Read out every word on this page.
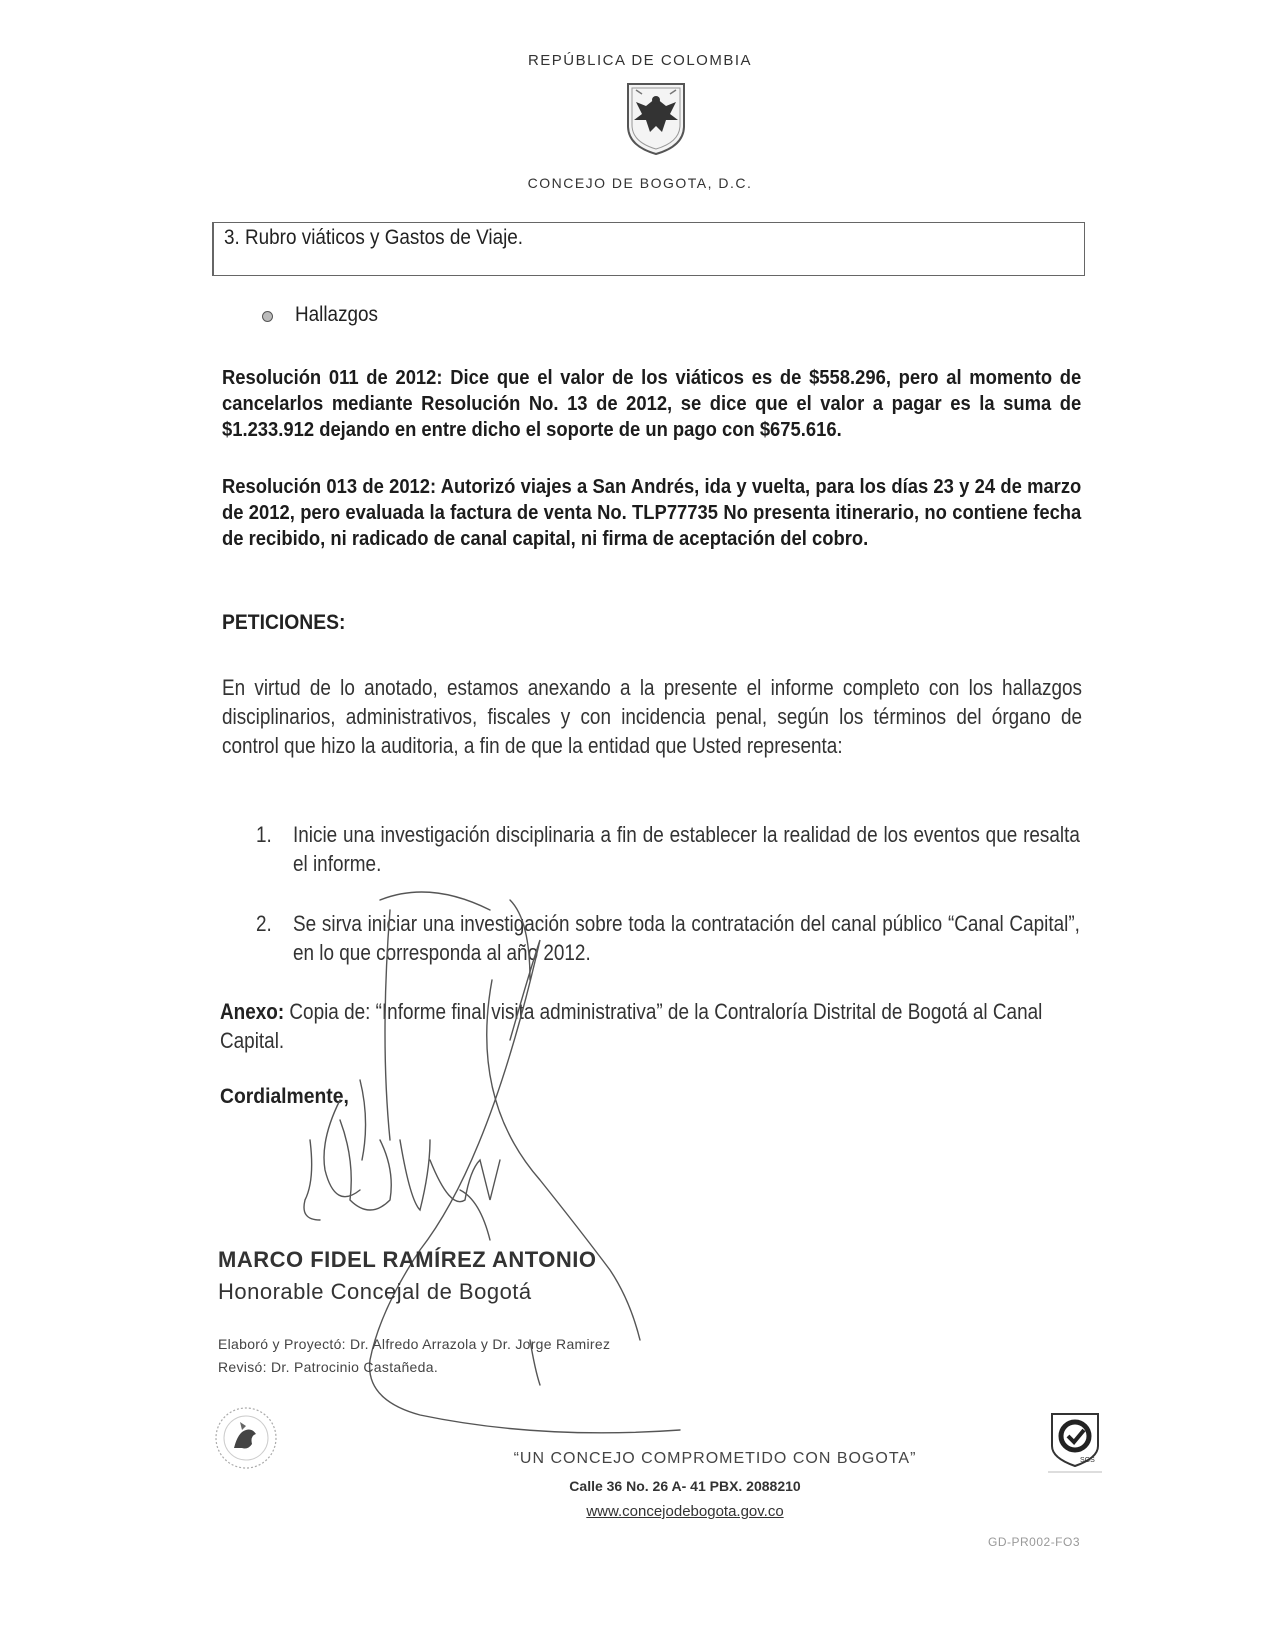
REPÚBLICA DE COLOMBIA
CONCEJO DE BOGOTA, D.C.
3. Rubro viáticos y Gastos de Viaje.
Hallazgos
Resolución 011 de 2012: Dice que el valor de los viáticos es de $558.296, pero al momento de cancelarlos mediante Resolución No. 13 de 2012, se dice que el valor a pagar es la suma de $1.233.912 dejando en entre dicho el soporte de un pago con $675.616.
Resolución 013 de 2012: Autorizó viajes a San Andrés, ida y vuelta, para los días 23 y 24 de marzo de 2012, pero evaluada la factura de venta No. TLP77735 No presenta itinerario, no contiene fecha de recibido, ni radicado de canal capital, ni firma de aceptación del cobro.
PETICIONES:
En virtud de lo anotado, estamos anexando a la presente el informe completo con los hallazgos disciplinarios, administrativos, fiscales y con incidencia penal, según los términos del órgano de control que hizo la auditoria, a fin de que la entidad que Usted representa:
1. Inicie una investigación disciplinaria a fin de establecer la realidad de los eventos que resalta el informe.
2. Se sirva iniciar una investigación sobre toda la contratación del canal público “Canal Capital”, en lo que corresponda al año 2012.
Anexo: Copia de: “Informe final visita administrativa” de la Contraloría Distrital de Bogotá al Canal Capital.
Cordialmente,
MARCO FIDEL RAMÍREZ ANTONIO
Honorable Concejal de Bogotá
Elaboró y Proyectó: Dr. Alfredo Arrazola y Dr. Jorge Ramirez
Revisó: Dr. Patrocinio Castañeda.
SGS
“UN CONCEJO COMPROMETIDO CON BOGOTA”
Calle 36 No. 26 A- 41 PBX. 2088210
www.concejodebogota.gov.co
GD-PR002-FO3
